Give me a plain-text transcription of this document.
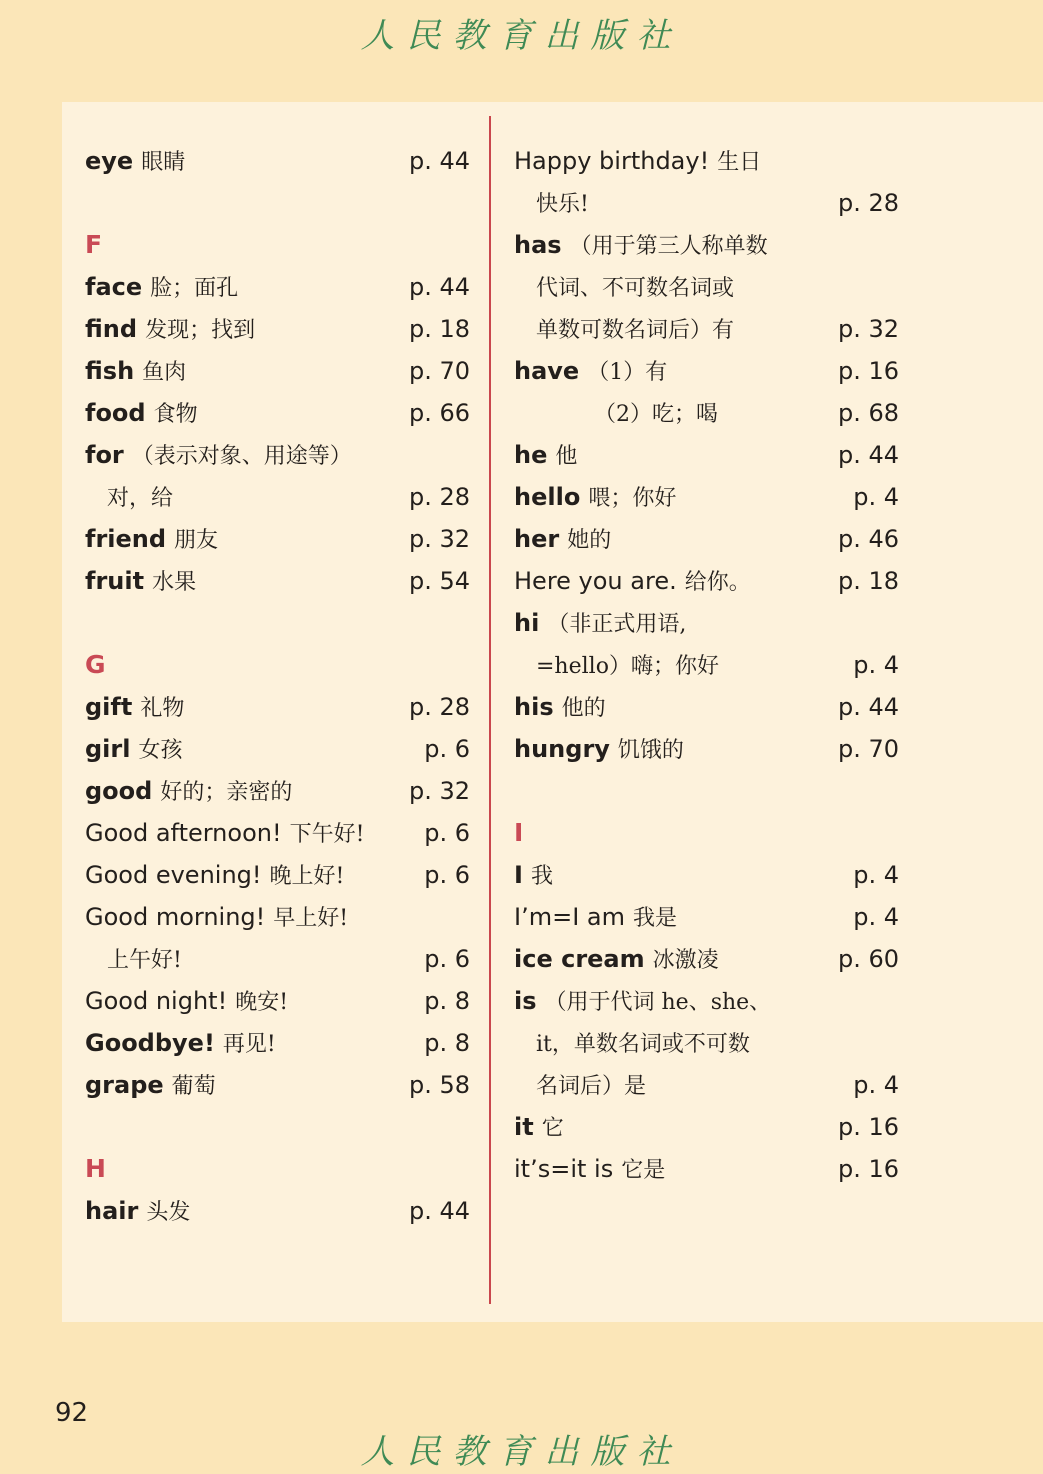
人民教育出版社
eye 眼睛	p. 44
F
face 脸；面孔	p. 44
find 发现；找到	p. 18
fish 鱼肉	p. 70
food 食物	p. 66
for （表示对象、用途等）
对，给	p. 28
friend 朋友	p. 32
fruit 水果	p. 54
G
gift 礼物	p. 28
girl 女孩	p. 6
good 好的；亲密的	p. 32
Good afternoon! 下午好! p. 6
Good evening! 晚上好!	p. 6
Good morning! 早上好!
上午好!	p. 6
Good night! 晚安!	p. 8
Goodbye! 再见!	p. 8
grape 葡萄	p. 58
H
hair 头发	p. 44
Happy birthday! 生日
快乐!	p. 28
has （用于第三人称单数
代词、不可数名词或
单数可数名词后）有	p. 32
have （1）有	p. 16
（2）吃；喝	p. 68
he 他	p. 44
hello 喂；你好	p. 4
her 她的	p. 46
Here you are. 给你。	p. 18
hi （非正式用语,
=hello）嗨；你好	p. 4
his 他的	p. 44
hungry 饥饿的	p. 70
I
I 我	p. 4
I’m=I am 我是	p. 4
ice cream 冰激凌	p. 60
is （用于代词 he、she、
it，单数名词或不可数
名词后）是	p. 4
it 它	p. 16
it’s=it is 它是	p. 16
92
人民教育出版社
